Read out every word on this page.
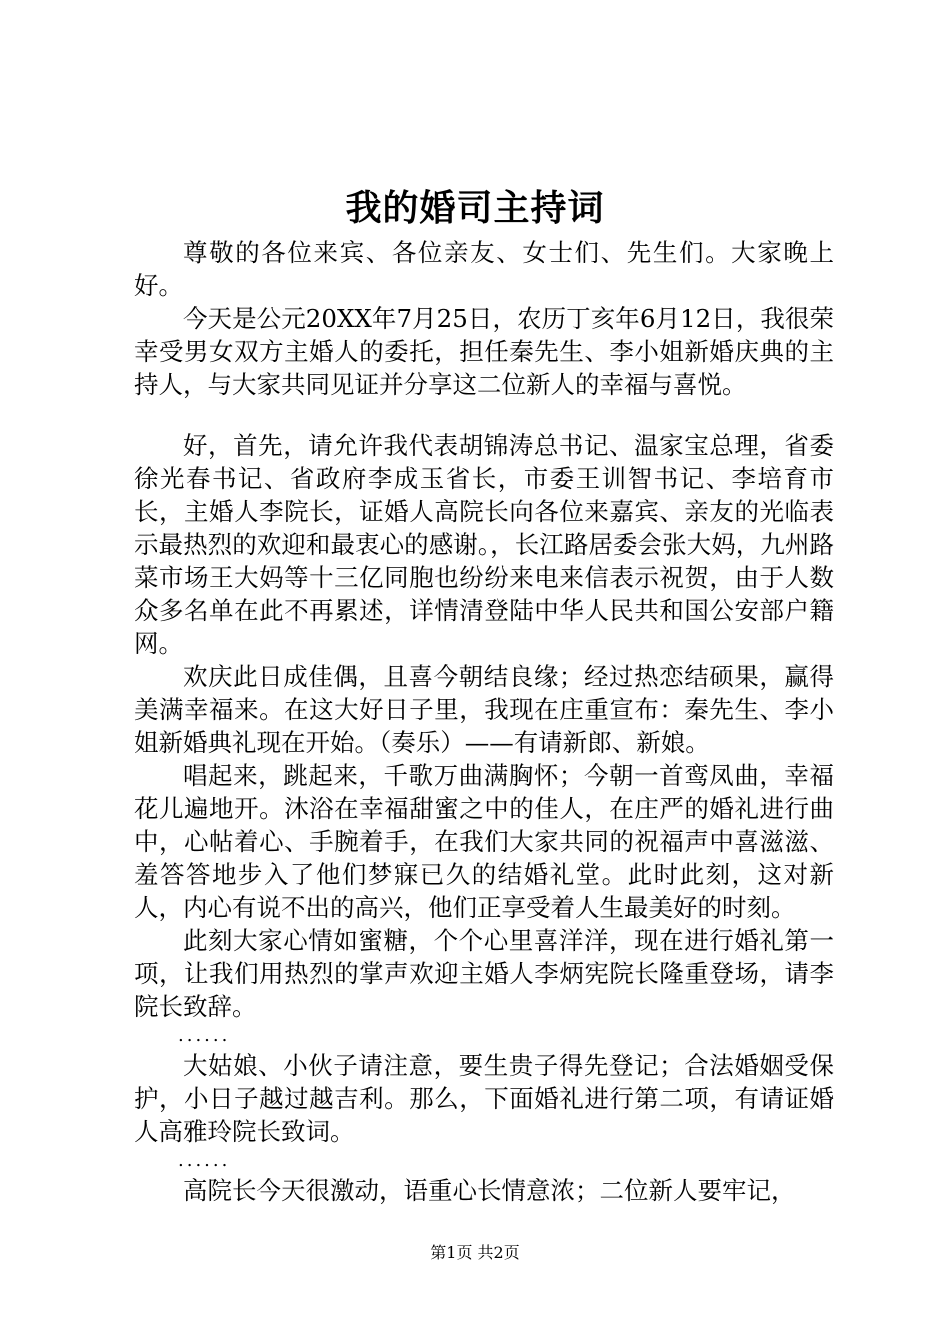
我的婚司主持词

尊敬的各位来宾、各位亲友、女士们、先生们。大家晚上好。

今天是公元20XX年7月25日，农历丁亥年6月12日，我很荣幸受男女双方主婚人的委托，担任秦先生、李小姐新婚庆典的主持人，与大家共同见证并分享这二位新人的幸福与喜悦。

好，首先，请允许我代表胡锦涛总书记、温家宝总理，省委徐光春书记、省政府李成玉省长，市委王训智书记、李培育市长，主婚人李院长，证婚人高院长向各位来嘉宾、亲友的光临表示最热烈的欢迎和最衷心的感谢。，长江路居委会张大妈，九州路菜市场王大妈等十三亿同胞也纷纷来电来信表示祝贺，由于人数众多名单在此不再累述，详情清登陆中华人民共和国公安部户籍网。

欢庆此日成佳偶，且喜今朝结良缘；经过热恋结硕果，赢得美满幸福来。在这大好日子里，我现在庄重宣布：秦先生、李小姐新婚典礼现在开始。（奏乐）——有请新郎、新娘。

唱起来，跳起来，千歌万曲满胸怀；今朝一首鸾凤曲，幸福花儿遍地开。沐浴在幸福甜蜜之中的佳人，在庄严的婚礼进行曲中，心帖着心、手腕着手，在我们大家共同的祝福声中喜滋滋、羞答答地步入了他们梦寐已久的结婚礼堂。此时此刻，这对新人，内心有说不出的高兴，他们正享受着人生最美好的时刻。

此刻大家心情如蜜糖，个个心里喜洋洋，现在进行婚礼第一项，让我们用热烈的掌声欢迎主婚人李炳宪院长隆重登场，请李院长致辞。

......

大姑娘、小伙子请注意，要生贵子得先登记；合法婚姻受保护，小日子越过越吉利。那么，下面婚礼进行第二项，有请证婚人高雅玲院长致词。

......

高院长今天很激动，语重心长情意浓；二位新人要牢记，

第1页 共2页
